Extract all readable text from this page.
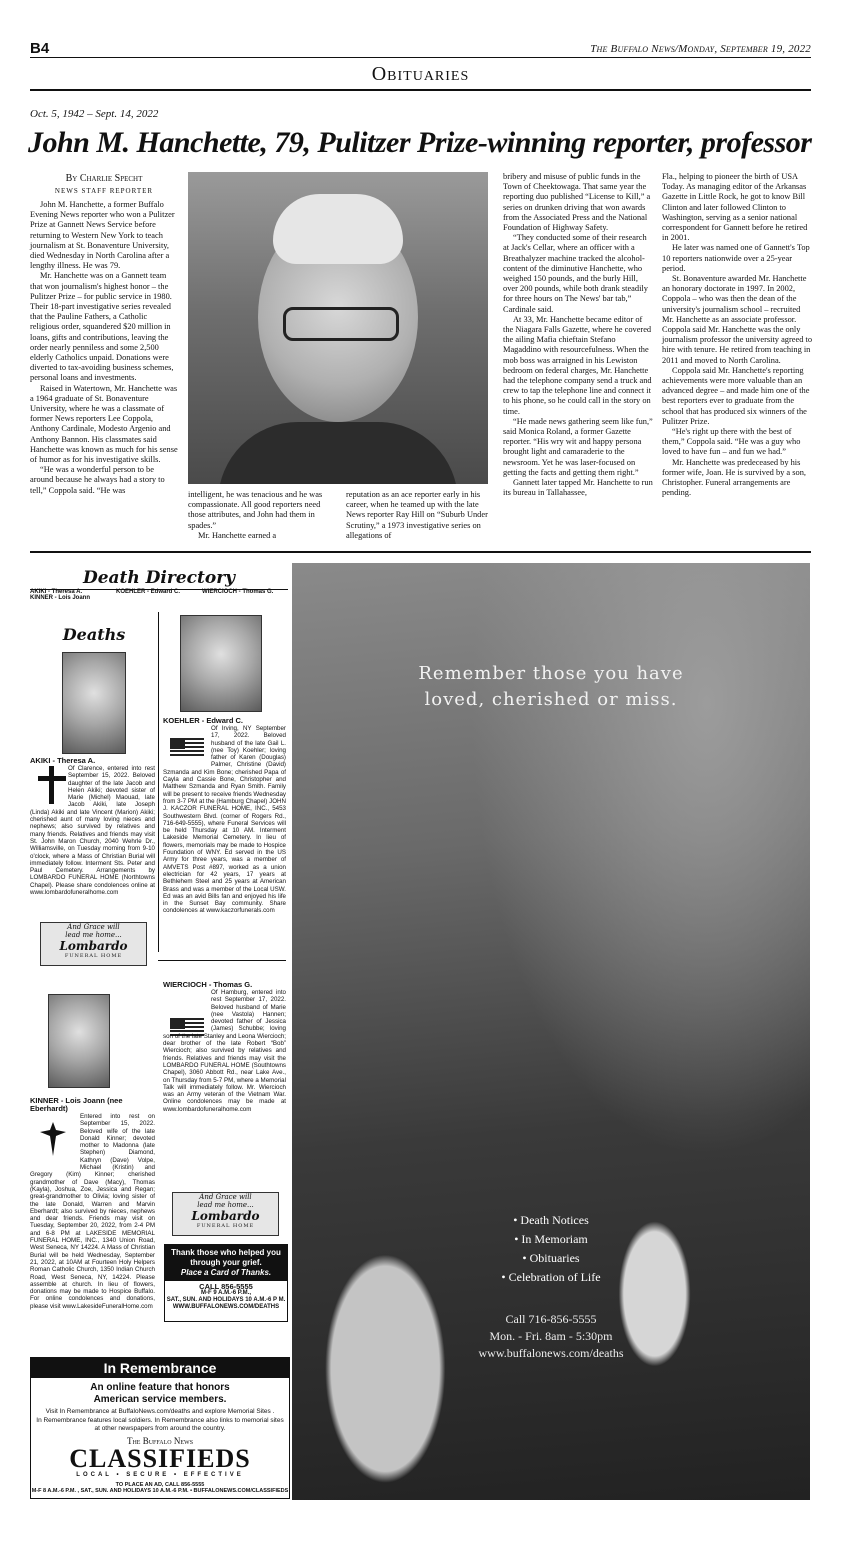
B4	The Buffalo News/Monday, September 19, 2022
Obituaries
Oct. 5, 1942 – Sept. 14, 2022
John M. Hanchette, 79, Pulitzer Prize-winning reporter, professor
By Charlie Specht
NEWS STAFF REPORTER

John M. Hanchette, a former Buffalo Evening News reporter who won a Pulitzer Prize at Gannett News Service before returning to Western New York to teach journalism at St. Bonaventure University, died Wednesday in North Carolina after a lengthy illness. He was 79.

Mr. Hanchette was on a Gannett team that won journalism's highest honor – the Pulitzer Prize – for public service in 1980. Their 18-part investigative series revealed that the Pauline Fathers, a Catholic religious order, squandered $20 million in loans, gifts and contributions, leaving the order nearly penniless and some 2,500 elderly Catholics unpaid. Donations were diverted to tax-avoiding business schemes, personal loans and investments.

Raised in Watertown, Mr. Hanchette was a 1964 graduate of St. Bonaventure University, where he was a classmate of former News reporters Lee Coppola, Anthony Cardinale, Modesto Argenio and Anthony Bannon. His classmates said Hanchette was known as much for his sense of humor as for his investigative skills.

“He was a wonderful person to be around because he always had a story to tell,” Coppola said. “He was	intelligent, he was tenacious and he was compassionate. All good reporters need those attributes, and John had them in spades.”

Mr. Hanchette earned a

reputation as an ace reporter early in his career, when he teamed up with the late News reporter Ray Hill on “Suburb Under Scrutiny,” a 1973 investigative series on allegations of

bribery and misuse of public funds in the Town of Cheektowaga. That same year the reporting duo published “License to Kill,” a series on drunken driving that won awards from the Associated Press and the National Foundation of Highway Safety.

“They conducted some of their research at Jack's Cellar, where an officer with a Breathalyzer machine tracked the alcohol-content of the diminutive Hanchette, who weighed 150 pounds, and the burly Hill, over 200 pounds, while both drank steadily for three hours on The News' bar tab,” Cardinale said.

At 33, Mr. Hanchette became editor of the Niagara Falls Gazette, where he covered the ailing Mafia chieftain Stefano Magaddino with resourcefulness. When the mob boss was arraigned in his Lewiston bedroom on federal charges, Mr. Hanchette had the telephone company send a truck and crew to tap the telephone line and connect it to his phone, so he could call in the story on time.

“He made news gathering seem like fun,” said Monica Roland, a former Gazette reporter. “His wry wit and happy persona brought light and camaraderie to the newsroom. Yet he was laser-focused on getting the facts and getting them right.”

Gannett later tapped Mr. Hanchette to run its bureau in Tallahassee,

Fla., helping to pioneer the birth of USA Today. As managing editor of the Arkansas Gazette in Little Rock, he got to know Bill Clinton and later followed Clinton to Washington, serving as a senior national correspondent for Gannett before he retired in 2001.

He later was named one of Gannett's Top 10 reporters nationwide over a 25-year period.

St. Bonaventure awarded Mr. Hanchette an honorary doctorate in 1997. In 2002, Coppola – who was then the dean of the university's journalism school – recruited Mr. Hanchette as an associate professor. Coppola said Mr. Hanchette was the only journalism professor the university agreed to hire with tenure. He retired from teaching in 2011 and moved to North Carolina.

Coppola said Mr. Hanchette's reporting achievements were more valuable than an advanced degree – and made him one of the best reporters ever to graduate from the school that has produced six winners of the Pulitzer Prize.

“He's right up there with the best of them,” Coppola said. “He was a guy who loved to have fun – and fun we had.”

Mr. Hanchette was predeceased by his former wife, Joan. He is survived by a son, Christopher. Funeral arrangements are pending.

Death Directory
AKIKI - Theresa A.
KINNER - Lois Joann
KOEHLER - Edward C.	WIERCIOCH - Thomas G.
Deaths
AKIKI - Theresa A.
Of Clarence, entered into rest September 15, 2022. Beloved daughter of the late Jacob and Helen Akiki; devoted sister of Marie (Michel) Maouad, late Jacob Akiki, late Joseph (Linda) Akiki and late Vincent (Marion) Akiki; cherished aunt of many loving nieces and nephews; also survived by relatives and many friends. Relatives and friends may visit St. John Maron Church, 2040 Wehrle Dr., Williamsville, on Tuesday morning from 9-10 o'clock, where a Mass of Christian Burial will immediately follow. Interment Sts. Peter and Paul Cemetery. Arrangements by LOMBARDO FUNERAL HOME (Northtowns Chapel). Please share condolences online at www.lombardofuneralhome.com
And Grace will
lead me home...
Lombardo
FUNERAL HOME
KINNER - Lois Joann (nee Eberhardt)
Entered into rest on September 15, 2022. Beloved wife of the late Donald Kinner; devoted mother to Madonna (late Stephen) Diamond, Kathryn (Dave) Volpe, Michael (Kristin) and Gregory (Kim) Kinner; cherished grandmother of Dave (Macy), Thomas (Kayla), Joshua, Zoe, Jessica and Regan; great-grandmother to Olivia; loving sister of the late Donald, Warren and Marvin Eberhardt; also survived by nieces, nephews and dear friends. Friends may visit on Tuesday, September 20, 2022, from 2-4 PM and 6-8 PM at LAKESIDE MEMORIAL FUNERAL HOME, INC., 1340 Union Road, West Seneca, NY 14224. A Mass of Christian Burial will be held Wednesday, September 21, 2022, at 10AM at Fourteen Holy Helpers Roman Catholic Church, 1350 Indian Church Road, West Seneca, NY, 14224. Please assemble at church. In lieu of flowers, donations may be made to Hospice Buffalo. For online condolences and donations, please visit www.LakesideFuneralHome.com
KOEHLER - Edward C.
Of Irving, NY September 17, 2022. Beloved husband of the late Gail L. (nee Toy) Koehler; loving father of Karen (Douglas) Palmer, Christine (David) Szmanda and Kim Bone; cherished Papa of Cayla and Cassie Bone, Christopher and Matthew Szmanda and Ryan Smith. Family will be present to receive friends Wednesday from 3-7 PM at the (Hamburg Chapel) JOHN J. KACZOR FUNERAL HOME, INC., 5453 Southwestern Blvd. (corner of Rogers Rd., 716-649-5555), where Funeral Services will be held Thursday at 10 AM. Interment Lakeside Memorial Cemetery. In lieu of flowers, memorials may be made to Hospice Foundation of WNY. Ed served in the US Army for three years, was a member of AMVETS Post #897, worked as a union electrician for 42 years, 17 years at Bethlehem Steel and 25 years at American Brass and was a member of the Local USW. Ed was an avid Bills fan and enjoyed his life in the Sunset Bay community. Share condolences at www.kaczorfunerals.com
WIERCIOCH - Thomas G.
Of Hamburg, entered into rest September 17, 2022. Beloved husband of Marie (nee Vastola) Hannen; devoted father of Jessica (James) Schubbe; loving son of the late Stanley and Leona Wiercioch; dear brother of the late Robert “Bob” Wiercioch; also survived by relatives and friends. Relatives and friends may visit the LOMBARDO FUNERAL HOME (Southtowns Chapel), 3060 Abbott Rd., near Lake Ave., on Thursday from 5-7 PM, where a Memorial Talk will immediately follow. Mr. Wiercioch was an Army veteran of the Vietnam War. Online condolences may be made at www.lombardofuneralhome.com
And Grace will
lead me home...
Lombardo
FUNERAL HOME
Thank those who helped you through your grief.
Place a Card of Thanks.
CALL 856-5555
M-F 9 A.M.-6 P.M.,
SAT., SUN. AND HOLIDAYS 10 A.M.-6 P M.
WWW.BUFFALONEWS.COM/DEATHS
In Remembrance
An online feature that honors
American service members.
Visit In Remembrance at BuffaloNews.com/deaths and explore Memorial Sites .
In Remembrance features local soldiers. In Remembrance also links to memorial sites
at other newspapers from around the country.
The Buffalo News
CLASSIFIEDS
LOCAL • SECURE • EFFECTIVE
TO PLACE AN AD, CALL 856-5555
M-F 8 A.M.-6 P.M. , SAT., SUN. AND HOLIDAYS 10 A.M.-6 P.M. • BUFFALONEWS.COM/CLASSIFIEDS
Remember those you have
loved, cherished or miss.
• Death Notices
• In Memoriam
• Obituaries
• Celebration of Life
Call 716-856-5555
Mon. - Fri. 8am - 5:30pm
www.buffalonews.com/deaths
